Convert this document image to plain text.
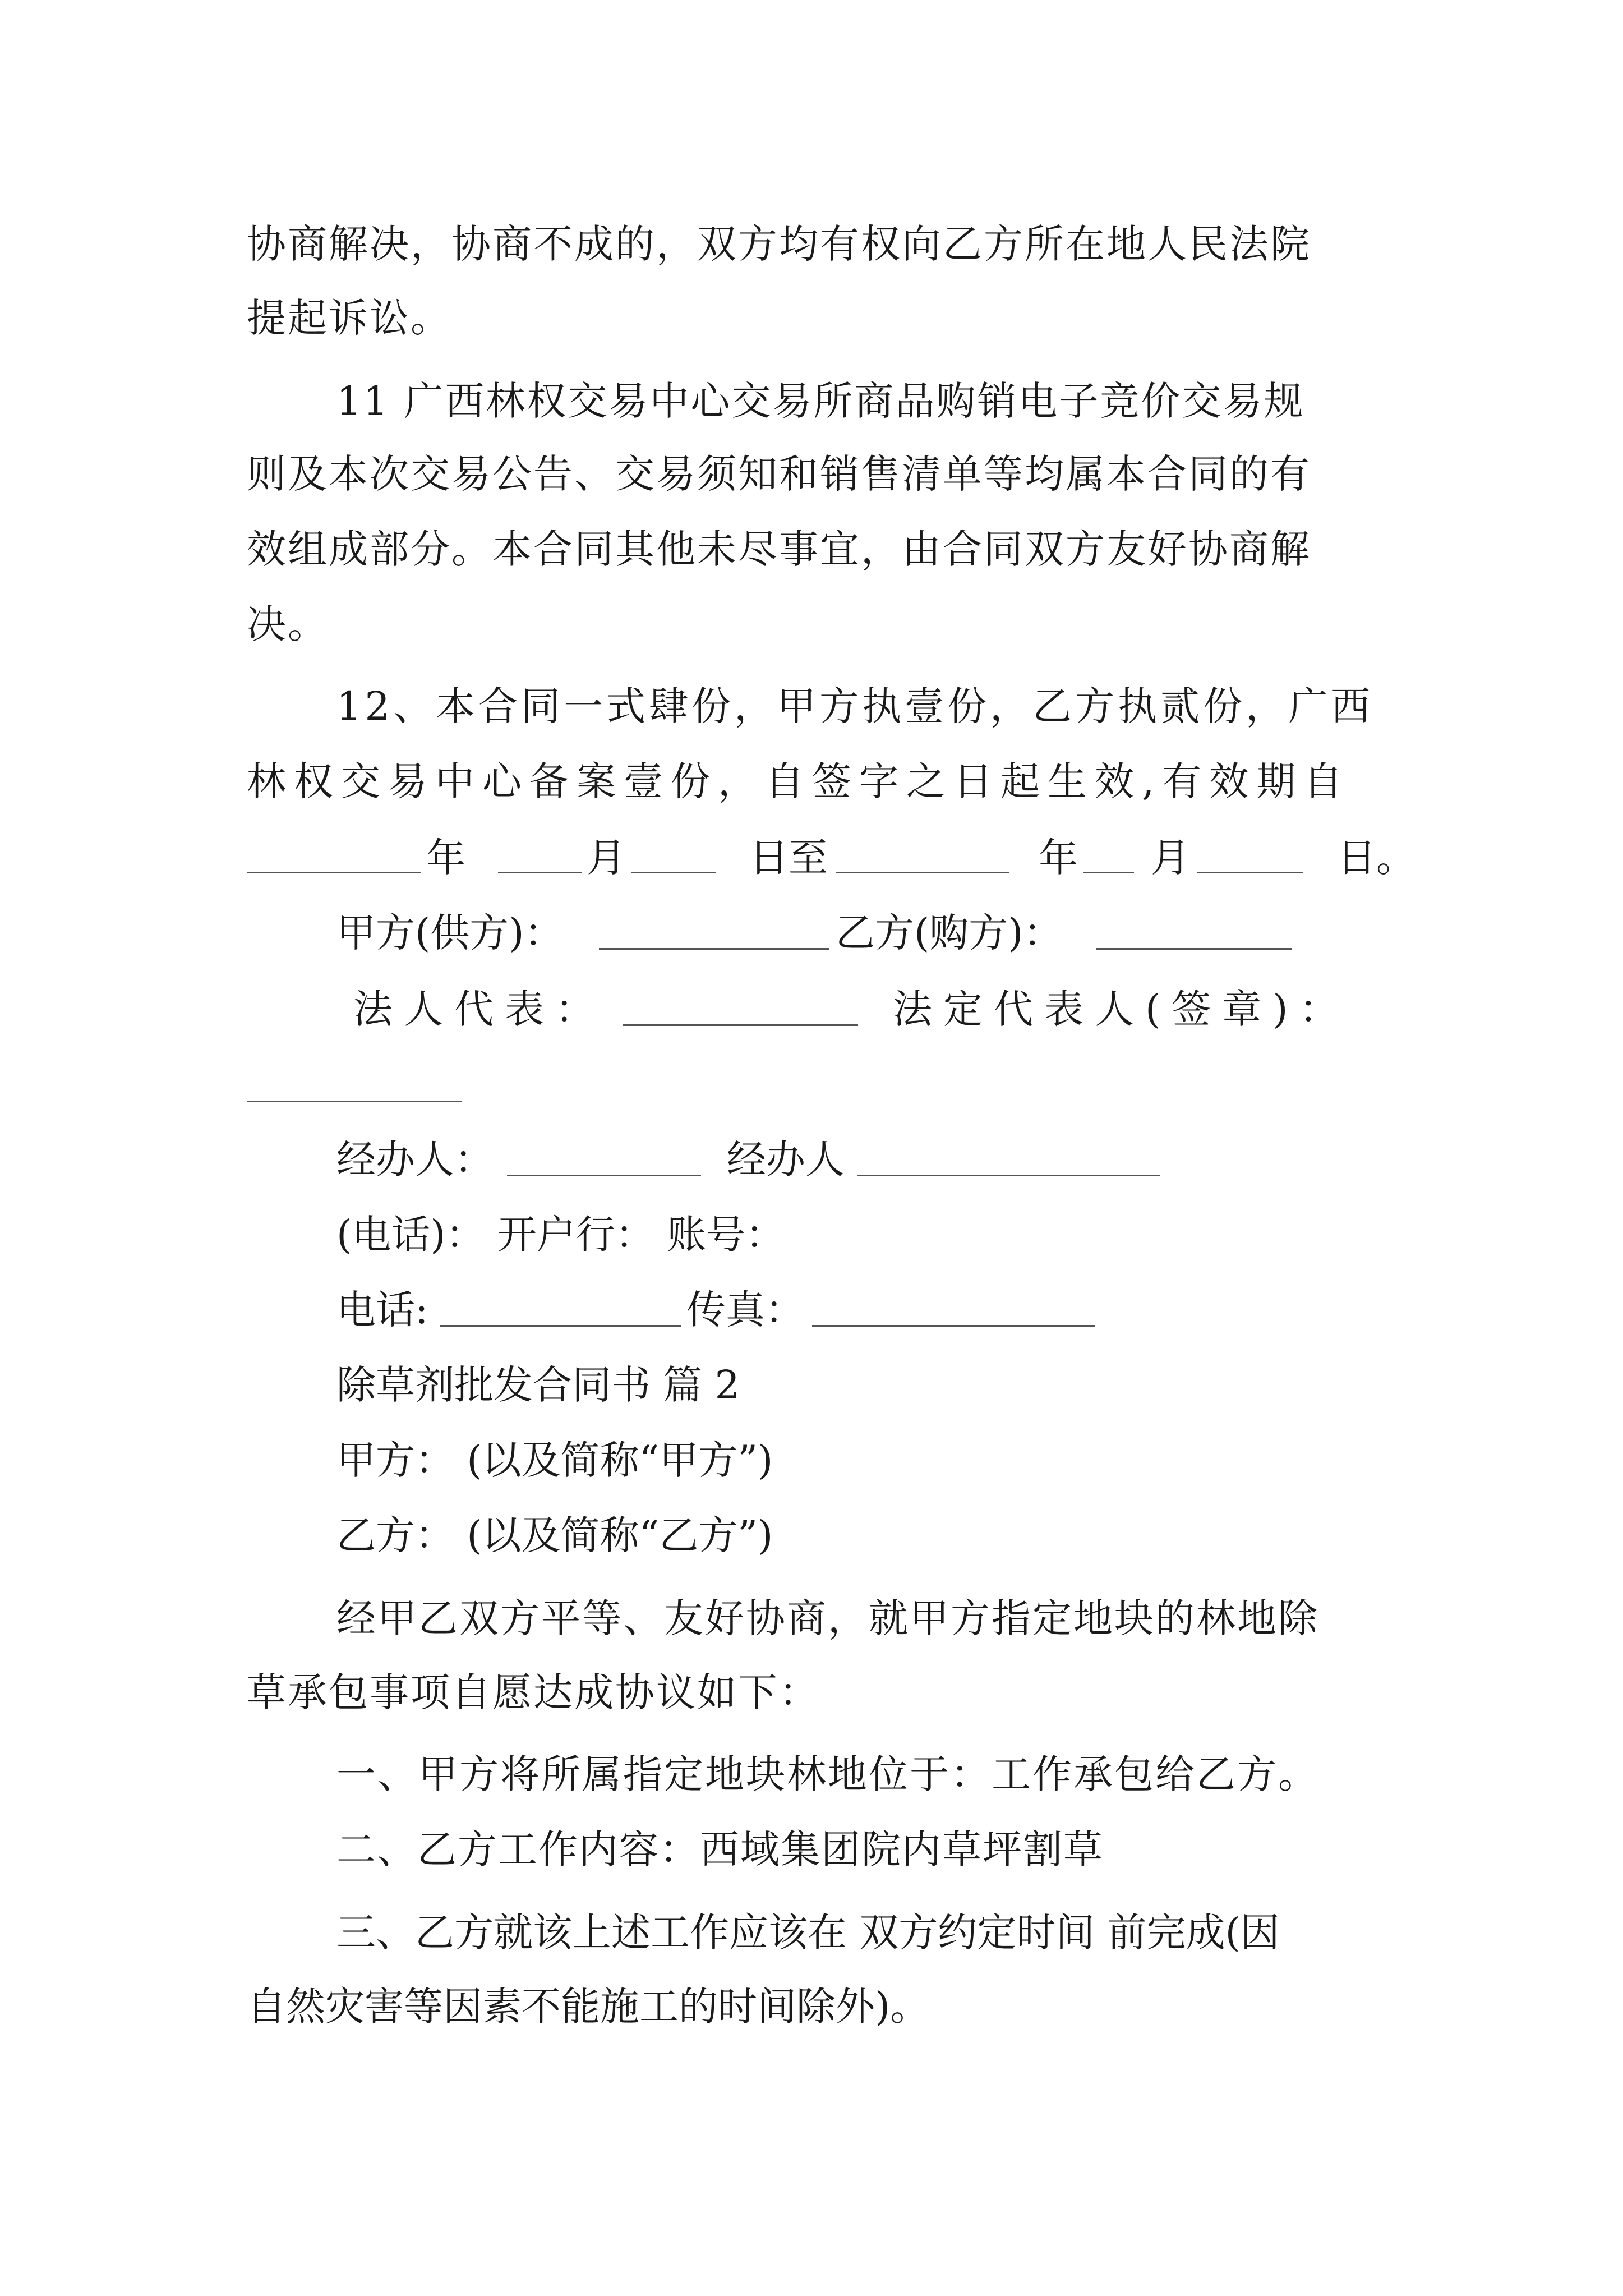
协商解决，协商不成的，双方均有权向乙方所在地人民法院
提起诉讼。
11 广西林权交易中心交易所商品购销电子竞价交易规
则及本次交易公告、交易须知和销售清单等均属本合同的有
效组成部分。本合同其他未尽事宜，由合同双方友好协商解
决。
12、本合同一式肆份，甲方执壹份，乙方执贰份，广西
林权交易中心备案壹份，自签字之日起生效,有效期自
年	月	日至	年 月	日。
甲方(供方)：	乙方(购方)：
法人代表：	法定代表人(签章)：
经办人：	经办人
(电话)： 开户行： 账号：
电话:	传真：
除草剂批发合同书 篇 2
甲方： (以及简称“甲方”)
乙方： (以及简称“乙方”)
经甲乙双方平等、友好协商，就甲方指定地块的林地除
草承包事项自愿达成协议如下：
一、甲方将所属指定地块林地位于：工作承包给乙方。
二、乙方工作内容：西域集团院内草坪割草
三、乙方就该上述工作应该在 双方约定时间 前完成(因
自然灾害等因素不能施工的时间除外)。
